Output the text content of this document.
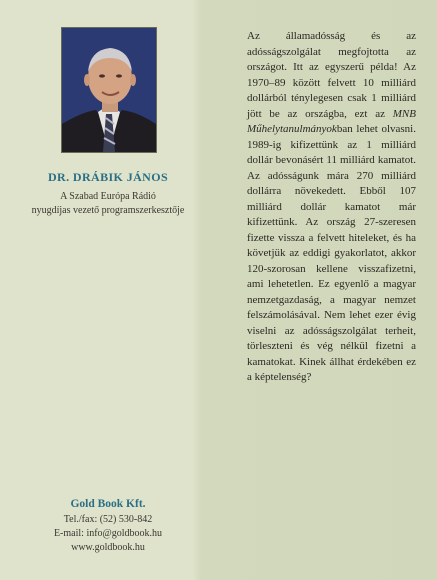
DR. DRÁBIK JÁNOS
A Szabad Európa Rádió
nyugdíjas vezető programszerkesztője
Gold Book Kft.
Tel./fax: (52) 530-842
E-mail: info@goldbook.hu
www.goldbook.hu

Az államadósság és az adósságszolgálat megfojtotta az országot. Itt az egyszerű példa! Az 1970–89 között felvett 10 milliárd dollárból ténylegesen csak 1 milliárd jött be az országba, ezt az MNB Műhelytanulmányokban lehet olvasni. 1989-ig kifizettünk az 1 milliárd dollár bevonásért 11 milliárd kamatot. Az adósságunk mára 270 milliárd dollárra növekedett. Ebből 107 milliárd dollár kamatot már kifizettünk. Az ország 27-szeresen fizette vissza a felvett hiteleket, és ha követjük az eddigi gyakorlatot, akkor 120-szorosan kellene visszafizetni, ami lehetetlen. Ez egyenlő a magyar nemzetgazdaság, a magyar nemzet felszámolásával. Nem lehet ezer évig viselni az adósságszolgálat terheit, törleszteni és vég nélkül fizetni a kamatokat. Kinek állhat érdekében ez a képtelenség?
